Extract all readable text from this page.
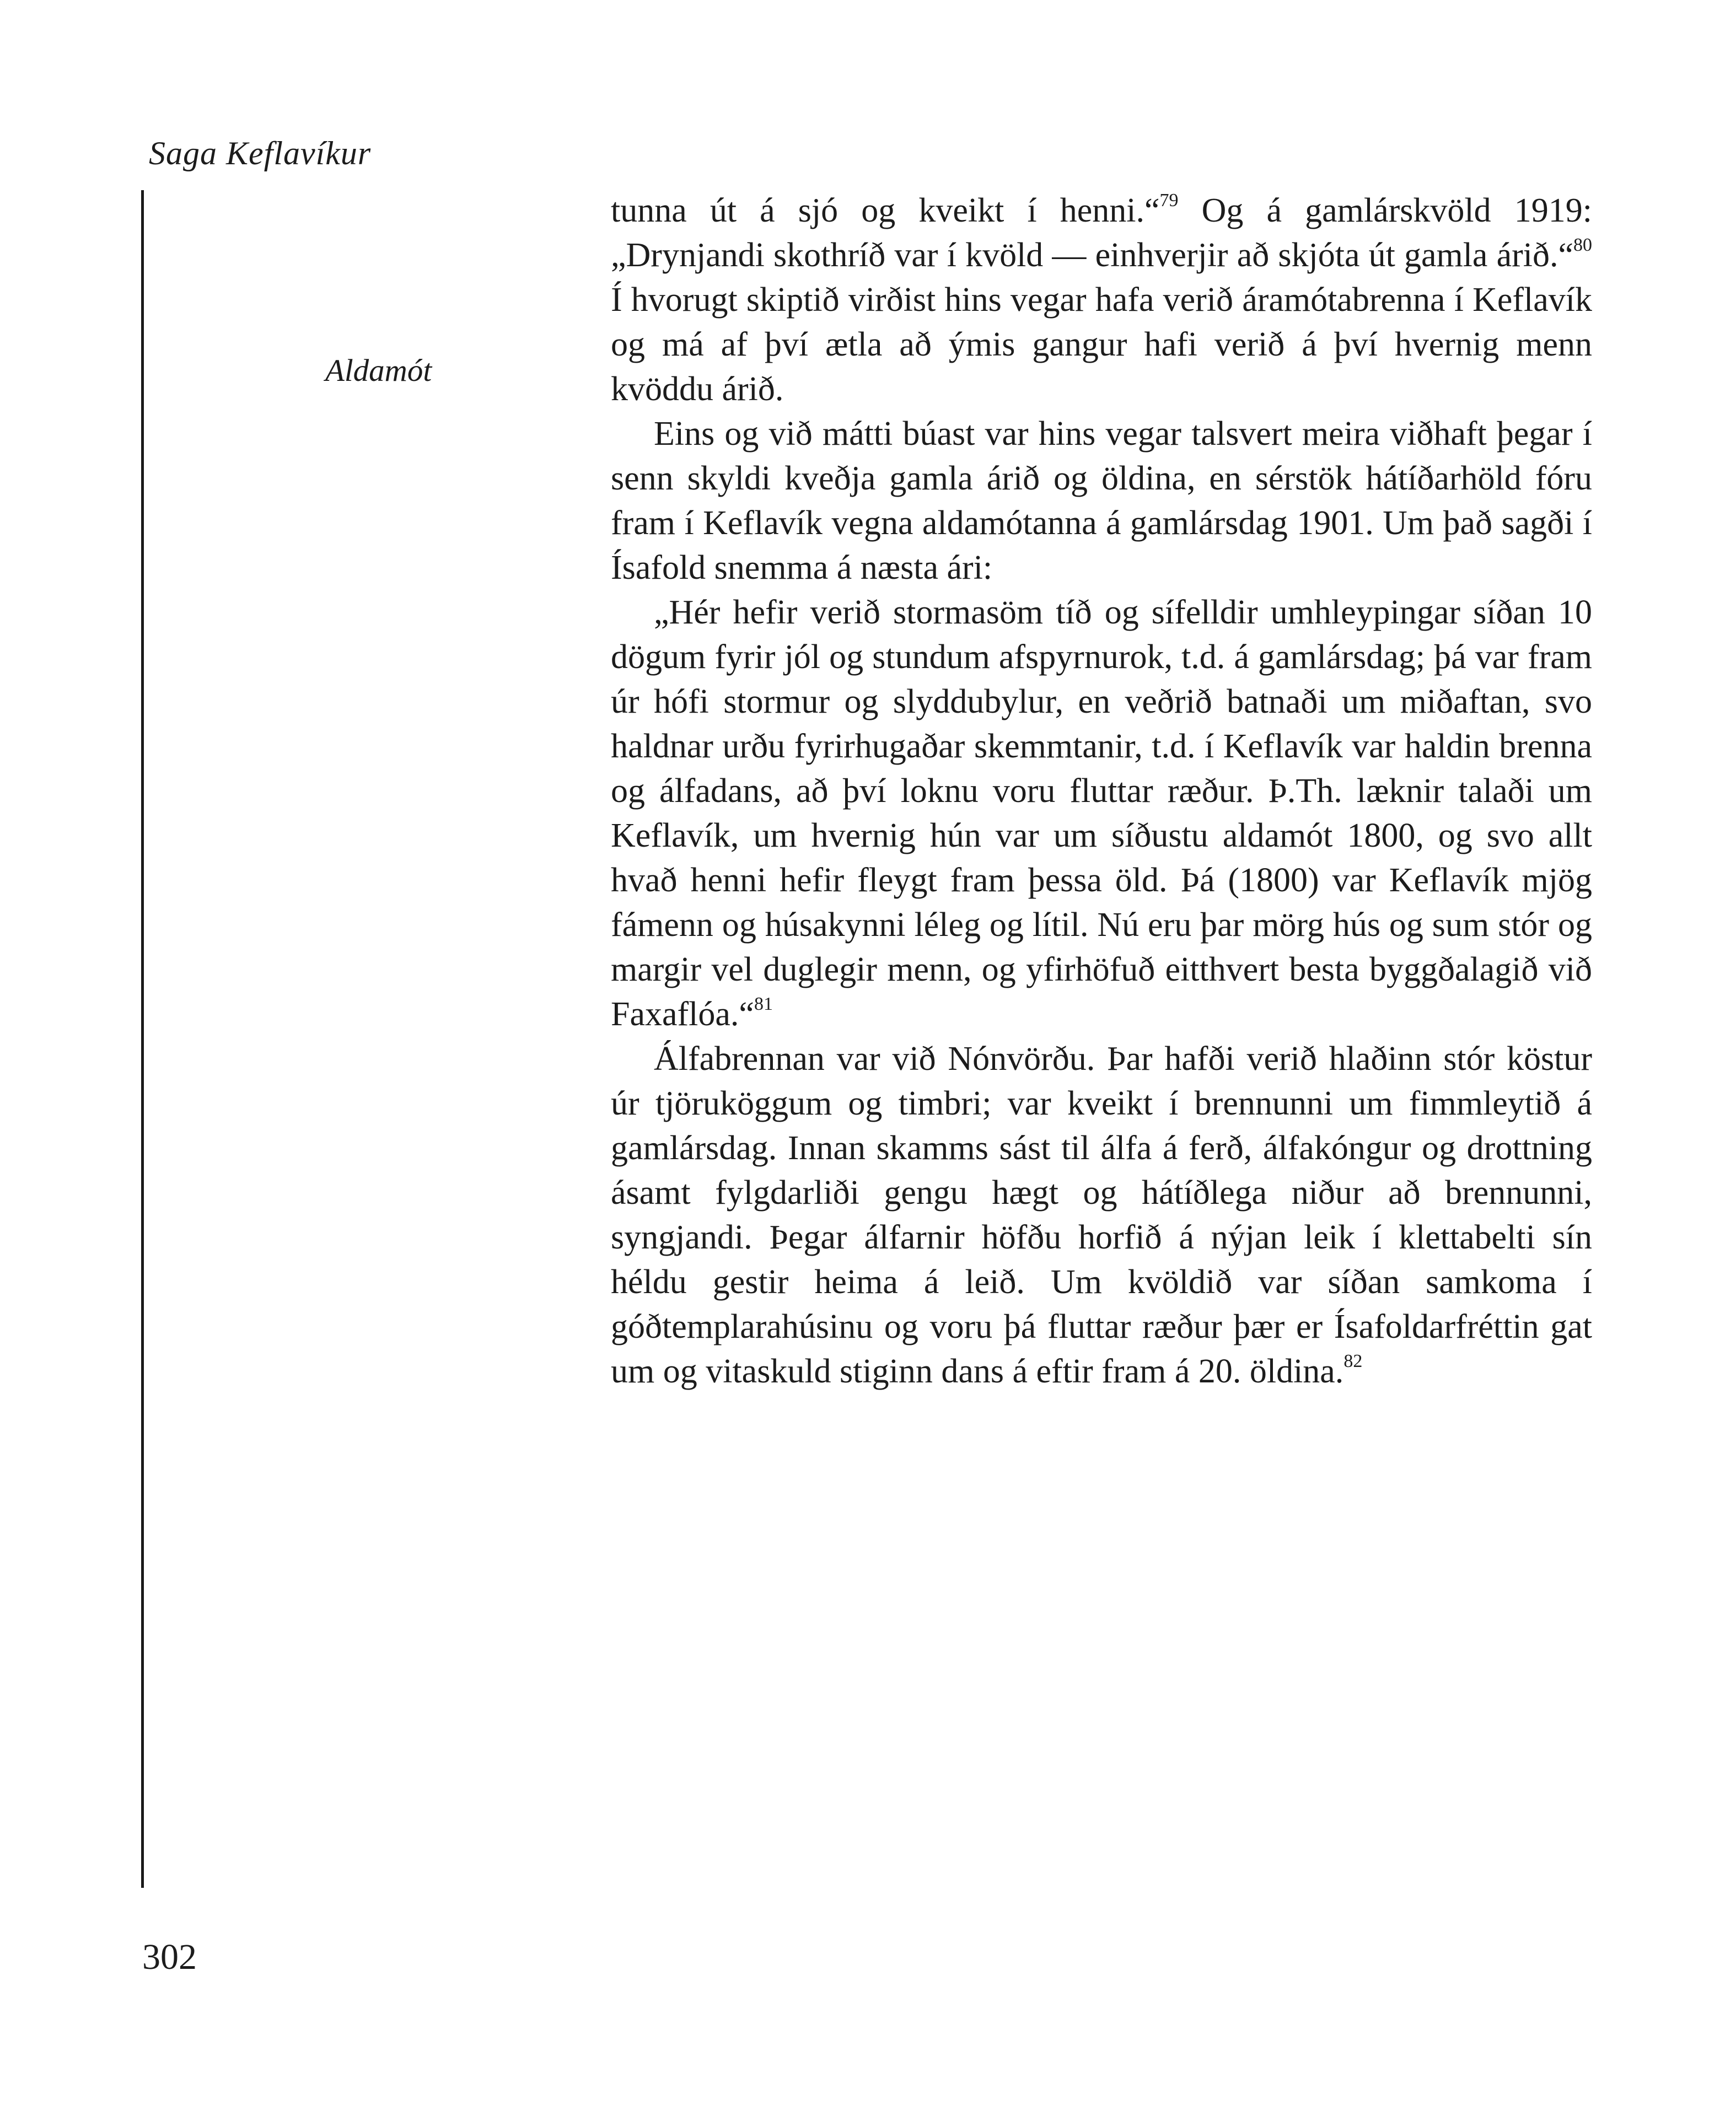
Saga Keflavíkur
Aldamót

tunna út á sjó og kveikt í henni.“$^{79}$ Og á gamlárskvöld 1919: „Drynjandi skothríð var í kvöld — einhverjir að skjóta út gamla árið.“$^{80}$ Í hvorugt skiptið virðist hins vegar hafa verið áramótabrenna í Keflavík og má af því ætla að ýmis gangur hafi verið á því hvernig menn kvöddu árið.

Eins og við mátti búast var hins vegar talsvert meira viðhaft þegar í senn skyldi kveðja gamla árið og öldina, en sérstök hátíðarhöld fóru fram í Keflavík vegna aldamótanna á gamlársdag 1901. Um það sagði í Ísafold snemma á næsta ári:

„Hér hefir verið stormasöm tíð og sífelldir umhleypingar síðan 10 dögum fyrir jól og stundum afspyrnurok, t.d. á gamlársdag; þá var fram úr hófi stormur og slyddubylur, en veðrið batnaði um miðaftan, svo haldnar urðu fyrirhugaðar skemmtanir, t.d. í Keflavík var haldin brenna og álfadans, að því loknu voru fluttar ræður. Þ.Th. læknir talaði um Keflavík, um hvernig hún var um síðustu aldamót 1800, og svo allt hvað henni hefir fleygt fram þessa öld. Þá (1800) var Keflavík mjög fámenn og húsakynni léleg og lítil. Nú eru þar mörg hús og sum stór og margir vel duglegir menn, og yfirhöfuð eitthvert besta byggðalagið við Faxaflóa.“$^{81}$

Álfabrennan var við Nónvörðu. Þar hafði verið hlaðinn stór köstur úr tjöruköggum og timbri; var kveikt í brennunni um fimmleytið á gamlársdag. Innan skamms sást til álfa á ferð, álfakóngur og drottning ásamt fylgdarliði gengu hægt og hátíðlega niður að brennunni, syngjandi. Þegar álfarnir höfðu horfið á nýjan leik í klettabelti sín héldu gestir heima á leið. Um kvöldið var síðan samkoma í góðtemplarahúsinu og voru þá fluttar ræður þær er Ísafoldarfréttin gat um og vitaskuld stiginn dans á eftir fram á 20. öldina.$^{82}$

302
